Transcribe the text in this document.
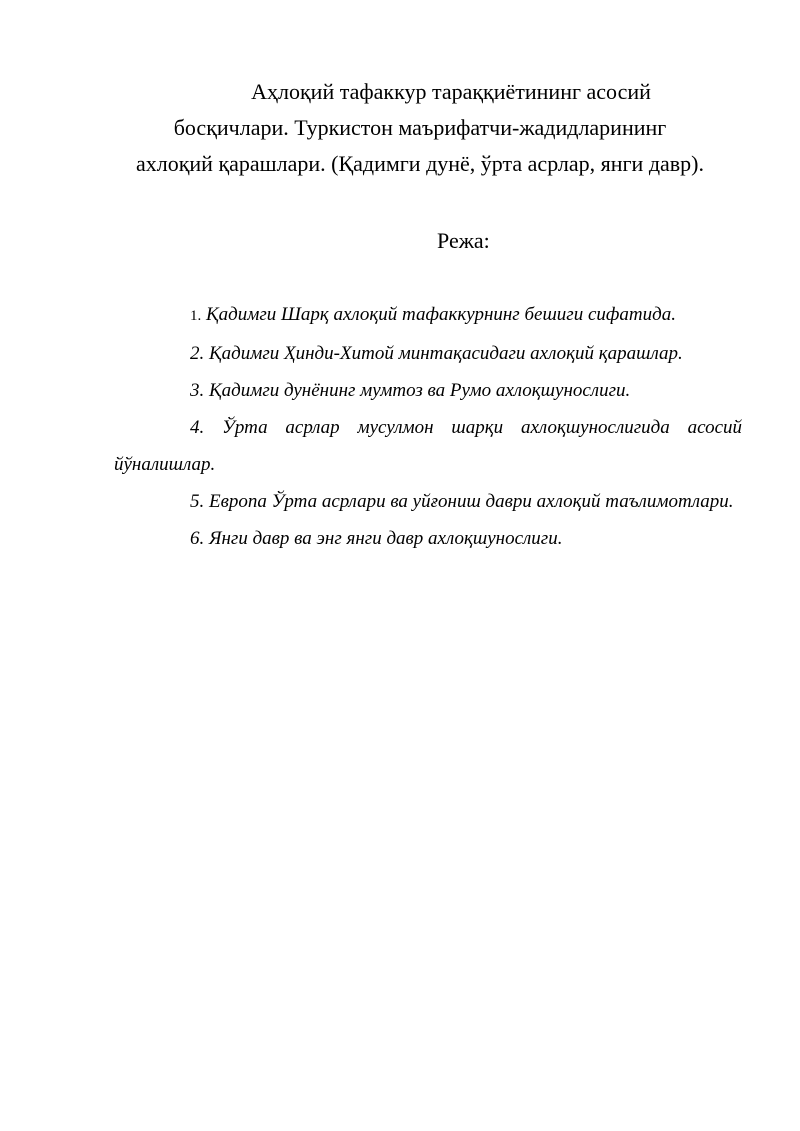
Аҳлоқий тафаккур тараққиётининг асосий
босқичлари. Туркистон маърифатчи-жадидларининг
ахлоқий қарашлари. (Қадимги дунё, ўрта асрлар, янги давр).
Режа:
1. Қадимги Шарқ ахлоқий тафаккурнинг бешиги сифатида.
2. Қадимги Ҳинди-Хитой минтақасидаги ахлоқий қарашлар.
3. Қадимги дунёнинг мумтоз ва Румо ахлоқшунослиги.
4. Ўрта асрлар мусулмон шарқи ахлоқшунослигида асосий йўналишлар.
5. Европа Ўрта асрлари ва уйғониш даври ахлоқий таълимотлари.
6. Янги давр ва энг янги давр ахлоқшунослиги.
